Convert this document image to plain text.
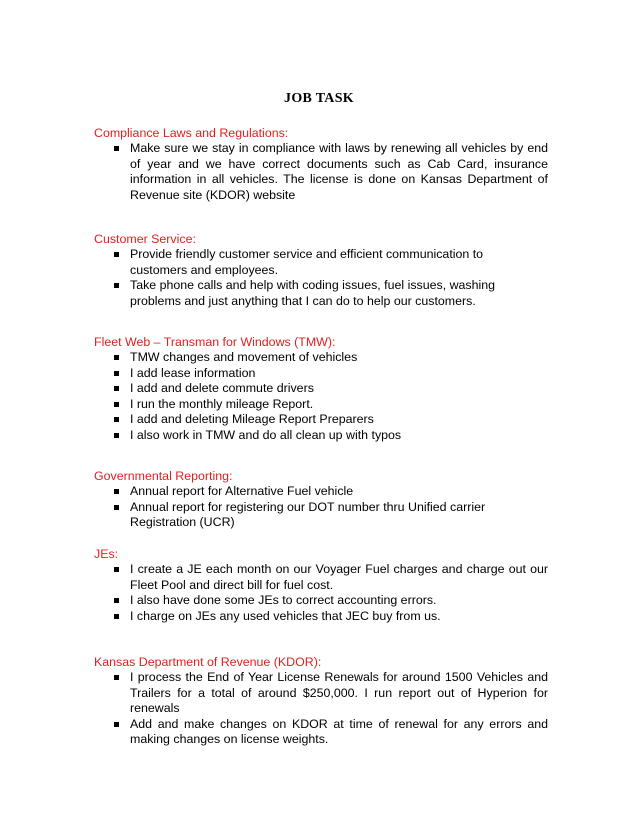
JOB TASK
Compliance Laws and Regulations:
Make sure we stay in compliance with laws by renewing all vehicles by end of year and we have correct documents such as Cab Card, insurance information in all vehicles. The license is done on Kansas Department of Revenue site (KDOR) website
Customer Service:
Provide friendly customer service and efficient communication to customers and employees.
Take phone calls and help with coding issues, fuel issues, washing problems and just anything that I can do to help our customers.
Fleet Web – Transman for Windows (TMW):
TMW changes and movement of vehicles
I add lease information
I add and delete commute drivers
I run the monthly mileage Report.
I add and deleting Mileage Report Preparers
I also work in TMW and do all clean up with typos
Governmental Reporting:
Annual report for Alternative Fuel vehicle
Annual report for registering our DOT number thru Unified carrier Registration (UCR)
JEs:
I create a JE each month on our Voyager Fuel charges and charge out our Fleet Pool and direct bill for fuel cost.
I also have done some JEs to correct accounting errors.
I charge on JEs any used vehicles that JEC buy from us.
Kansas Department of Revenue (KDOR):
I process the End of Year License Renewals for around 1500 Vehicles and Trailers for a total of around $250,000. I run report out of Hyperion for renewals
Add and make changes on KDOR at time of renewal for any errors and making changes on license weights.
